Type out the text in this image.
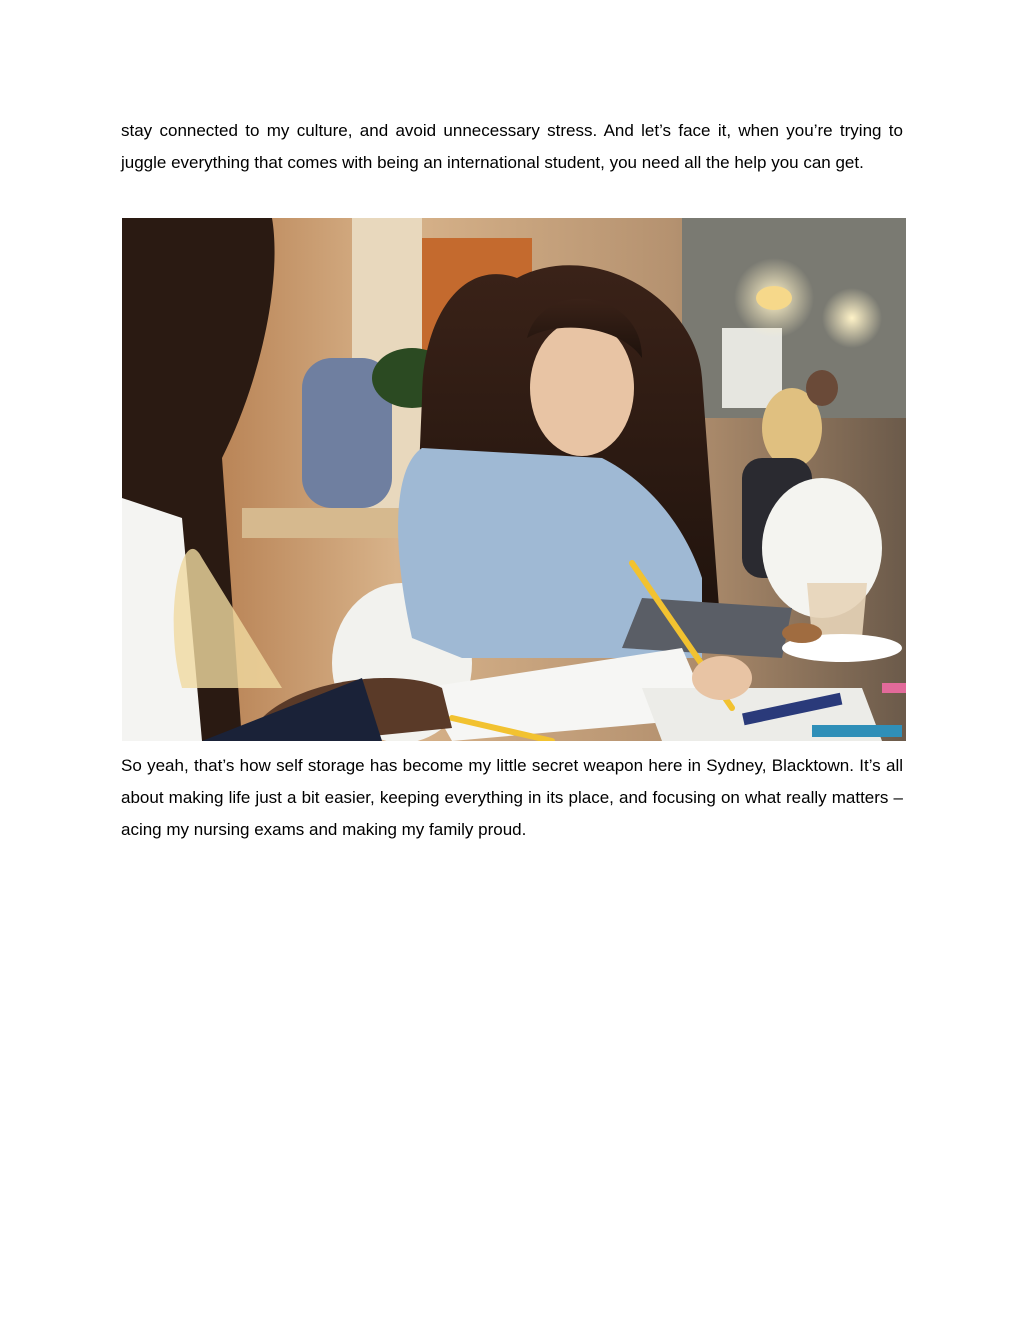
stay connected to my culture, and avoid unnecessary stress. And let’s face it, when you’re trying to juggle everything that comes with being an international student, you need all the help you can get.

So yeah, that’s how self storage has become my little secret weapon here in Sydney, Blacktown. It’s all about making life just a bit easier, keeping everything in its place, and focusing on what really matters – acing my nursing exams and making my family proud.
